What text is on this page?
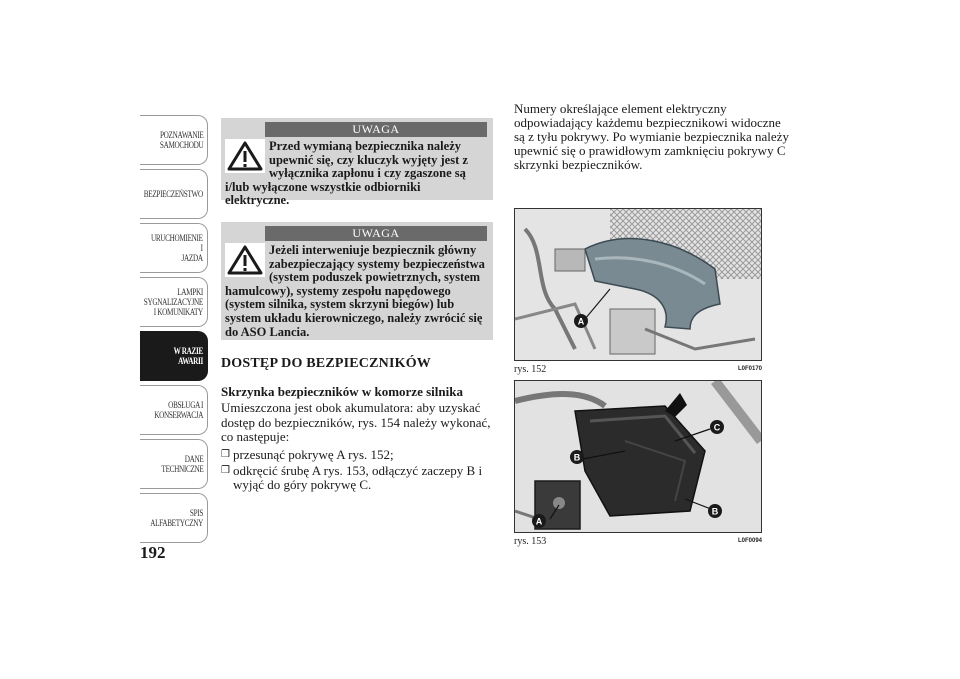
POZNAWANIE
SAMOCHODU
BEZPIECZEŃSTWO
URUCHOMIENIE I
JAZDA
LAMPKI
SYGNALIZACYJNE
I KOMUNIKATY
W RAZIE AWARII
OBSŁUGA I
KONSERWACJA
DANE
TECHNICZNE
SPIS
ALFABETYCZNY
192
UWAGA
Przed wymianą bezpiecznika należy upewnić się, czy kluczyk wyjęty jest z wyłącznika zapłonu i czy zgaszone są i/lub wyłączone wszystkie odbiorniki elektryczne.
UWAGA
Jeżeli interweniuje bezpiecznik główny zabezpieczający systemy bezpieczeństwa (system poduszek powietrznych, system hamulcowy), systemy zespołu napędowego (system silnika, system skrzyni biegów) lub system układu kierowniczego, należy zwrócić się do ASO Lancia.
DOSTĘP DO BEZPIECZNIKÓW
Skrzynka bezpieczników w komorze silnika
Umieszczona jest obok akumulatora: aby uzyskać dostęp do bezpieczników, rys. 154 należy wykonać, co następuje:
❒ przesunąć pokrywę A rys. 152;
❒ odkręcić śrubę A rys. 153, odłączyć zaczepy B i wyjąć do góry pokrywę C.
Numery określające element elektryczny odpowiadający każdemu bezpiecznikowi widoczne są z tyłu pokrywy. Po wymianie bezpiecznika należy upewnić się o prawidłowym zamknięciu pokrywy C skrzynki bezpieczników.
A
rys. 152	L0F0170
C
B
B
A
rys. 153	L0F0094
